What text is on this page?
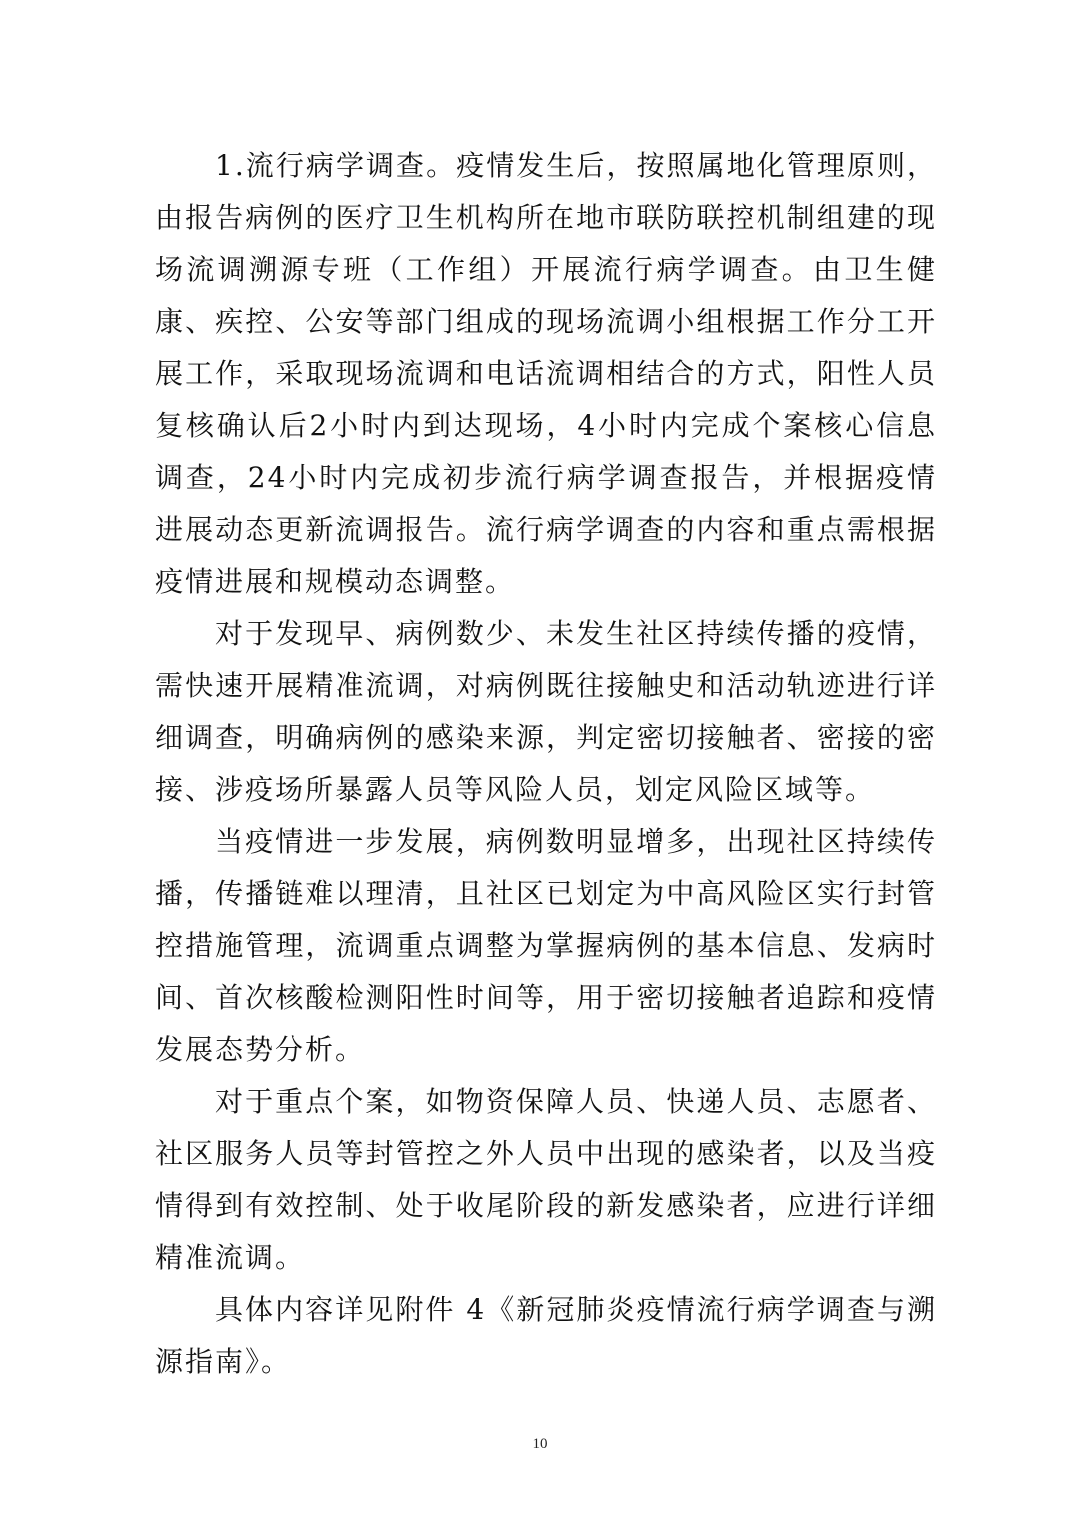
1.流行病学调查。疫情发生后，按照属地化管理原则，由报告病例的医疗卫生机构所在地市联防联控机制组建的现场流调溯源专班（工作组）开展流行病学调查。由卫生健康、疾控、公安等部门组成的现场流调小组根据工作分工开展工作，采取现场流调和电话流调相结合的方式，阳性人员复核确认后2小时内到达现场，4小时内完成个案核心信息调查，24小时内完成初步流行病学调查报告，并根据疫情进展动态更新流调报告。流行病学调查的内容和重点需根据疫情进展和规模动态调整。

对于发现早、病例数少、未发生社区持续传播的疫情，需快速开展精准流调，对病例既往接触史和活动轨迹进行详细调查，明确病例的感染来源，判定密切接触者、密接的密接、涉疫场所暴露人员等风险人员，划定风险区域等。

当疫情进一步发展，病例数明显增多，出现社区持续传播，传播链难以理清，且社区已划定为中高风险区实行封管控措施管理，流调重点调整为掌握病例的基本信息、发病时间、首次核酸检测阳性时间等，用于密切接触者追踪和疫情发展态势分析。

对于重点个案，如物资保障人员、快递人员、志愿者、社区服务人员等封管控之外人员中出现的感染者，以及当疫情得到有效控制、处于收尾阶段的新发感染者，应进行详细精准流调。

具体内容详见附件 4《新冠肺炎疫情流行病学调查与溯源指南》。

10
